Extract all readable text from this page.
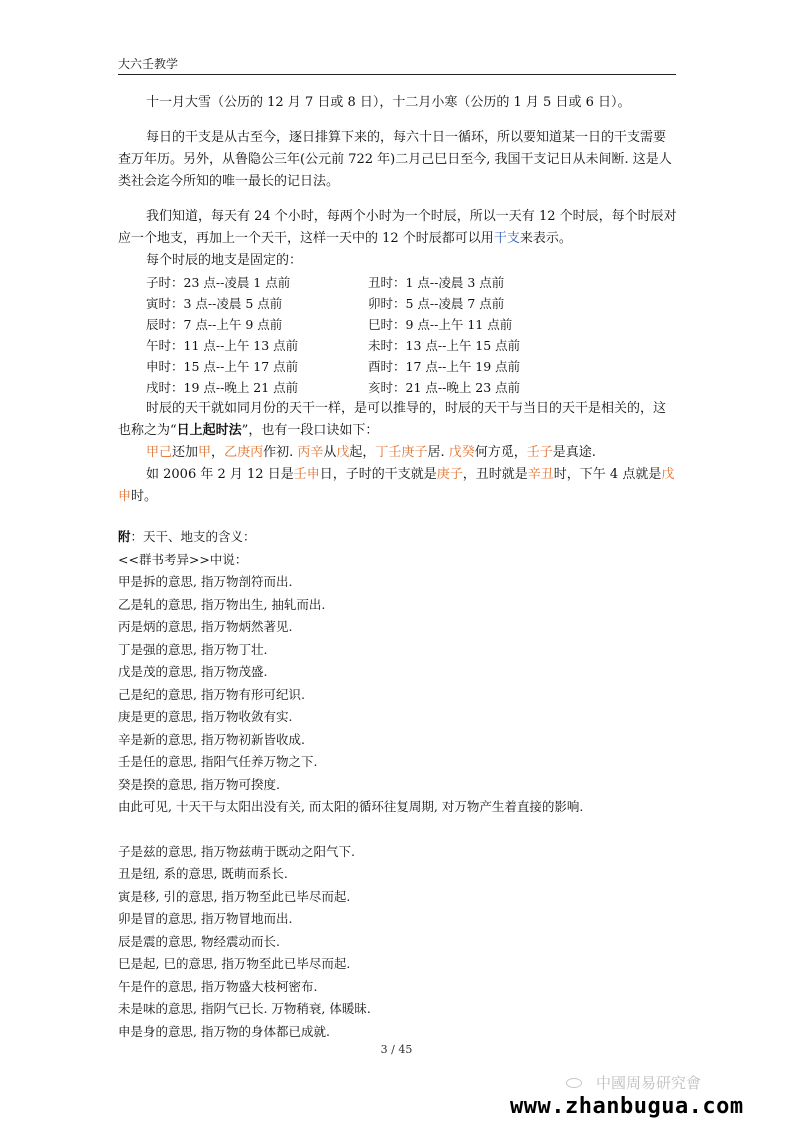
大六壬教学

十一月大雪（公历的 12 月 7 日或 8 日），十二月小寒（公历的 1 月 5 日或 6 日）。

每日的干支是从古至今，逐日排算下来的，每六十日一循环，所以要知道某一日的干支需要查万年历。另外，从鲁隐公三年(公元前 722 年)二月己巳日至今, 我国干支记日从未间断. 这是人类社会迄今所知的唯一最长的记日法。

我们知道，每天有 24 个小时，每两个小时为一个时辰，所以一天有 12 个时辰，每个时辰对应一个地支，再加上一个天干，这样一天中的 12 个时辰都可以用干支来表示。

每个时辰的地支是固定的：

子时：23 点--凌晨 1 点前	丑时：1 点--凌晨 3 点前
寅时：3 点--凌晨 5 点前	卯时：5 点--凌晨 7 点前
辰时：7 点--上午 9 点前	巳时：9 点--上午 11 点前
午时：11 点--上午 13 点前	未时：13 点--上午 15 点前
申时：15 点--上午 17 点前	酉时：17 点--上午 19 点前
戌时：19 点--晚上 21 点前	亥时：21 点--晚上 23 点前

时辰的天干就如同月份的天干一样，是可以推导的，时辰的天干与当日的天干是相关的，这也称之为“日上起时法”，也有一段口诀如下：

甲己还加甲，乙庚丙作初. 丙辛从戊起，丁壬庚子居. 戊癸何方觅，壬子是真途.

如 2006 年 2 月 12 日是壬申日，子时的干支就是庚子，丑时就是辛丑时，下午 4 点就是戊申时。

附：天干、地支的含义：
<<群书考异>>中说：
甲是拆的意思, 指万物剖符而出.
乙是轧的意思, 指万物出生, 抽轧而出.
丙是炳的意思, 指万物炳然著见.
丁是强的意思, 指万物丁壮.
戊是茂的意思, 指万物茂盛.
己是纪的意思, 指万物有形可纪识.
庚是更的意思, 指万物收敛有实.
辛是新的意思, 指万物初新皆收成.
壬是任的意思, 指阳气任养万物之下.
癸是揆的意思, 指万物可揆度.
由此可见, 十天干与太阳出没有关, 而太阳的循环往复周期, 对万物产生着直接的影响.
子是兹的意思, 指万物兹萌于既动之阳气下.
丑是纽, 系的意思, 既萌而系长.
寅是移, 引的意思, 指万物至此已毕尽而起.
卯是冒的意思, 指万物冒地而出.
辰是震的意思, 物经震动而长.
巳是起, 巳的意思, 指万物至此已毕尽而起.
午是仵的意思, 指万物盛大枝柯密布.
未是味的意思, 指阴气已长. 万物稍衰, 体暖昧.
申是身的意思, 指万物的身体都已成就.
3 / 45
中國周易研究會
www.zhanbugua.com
